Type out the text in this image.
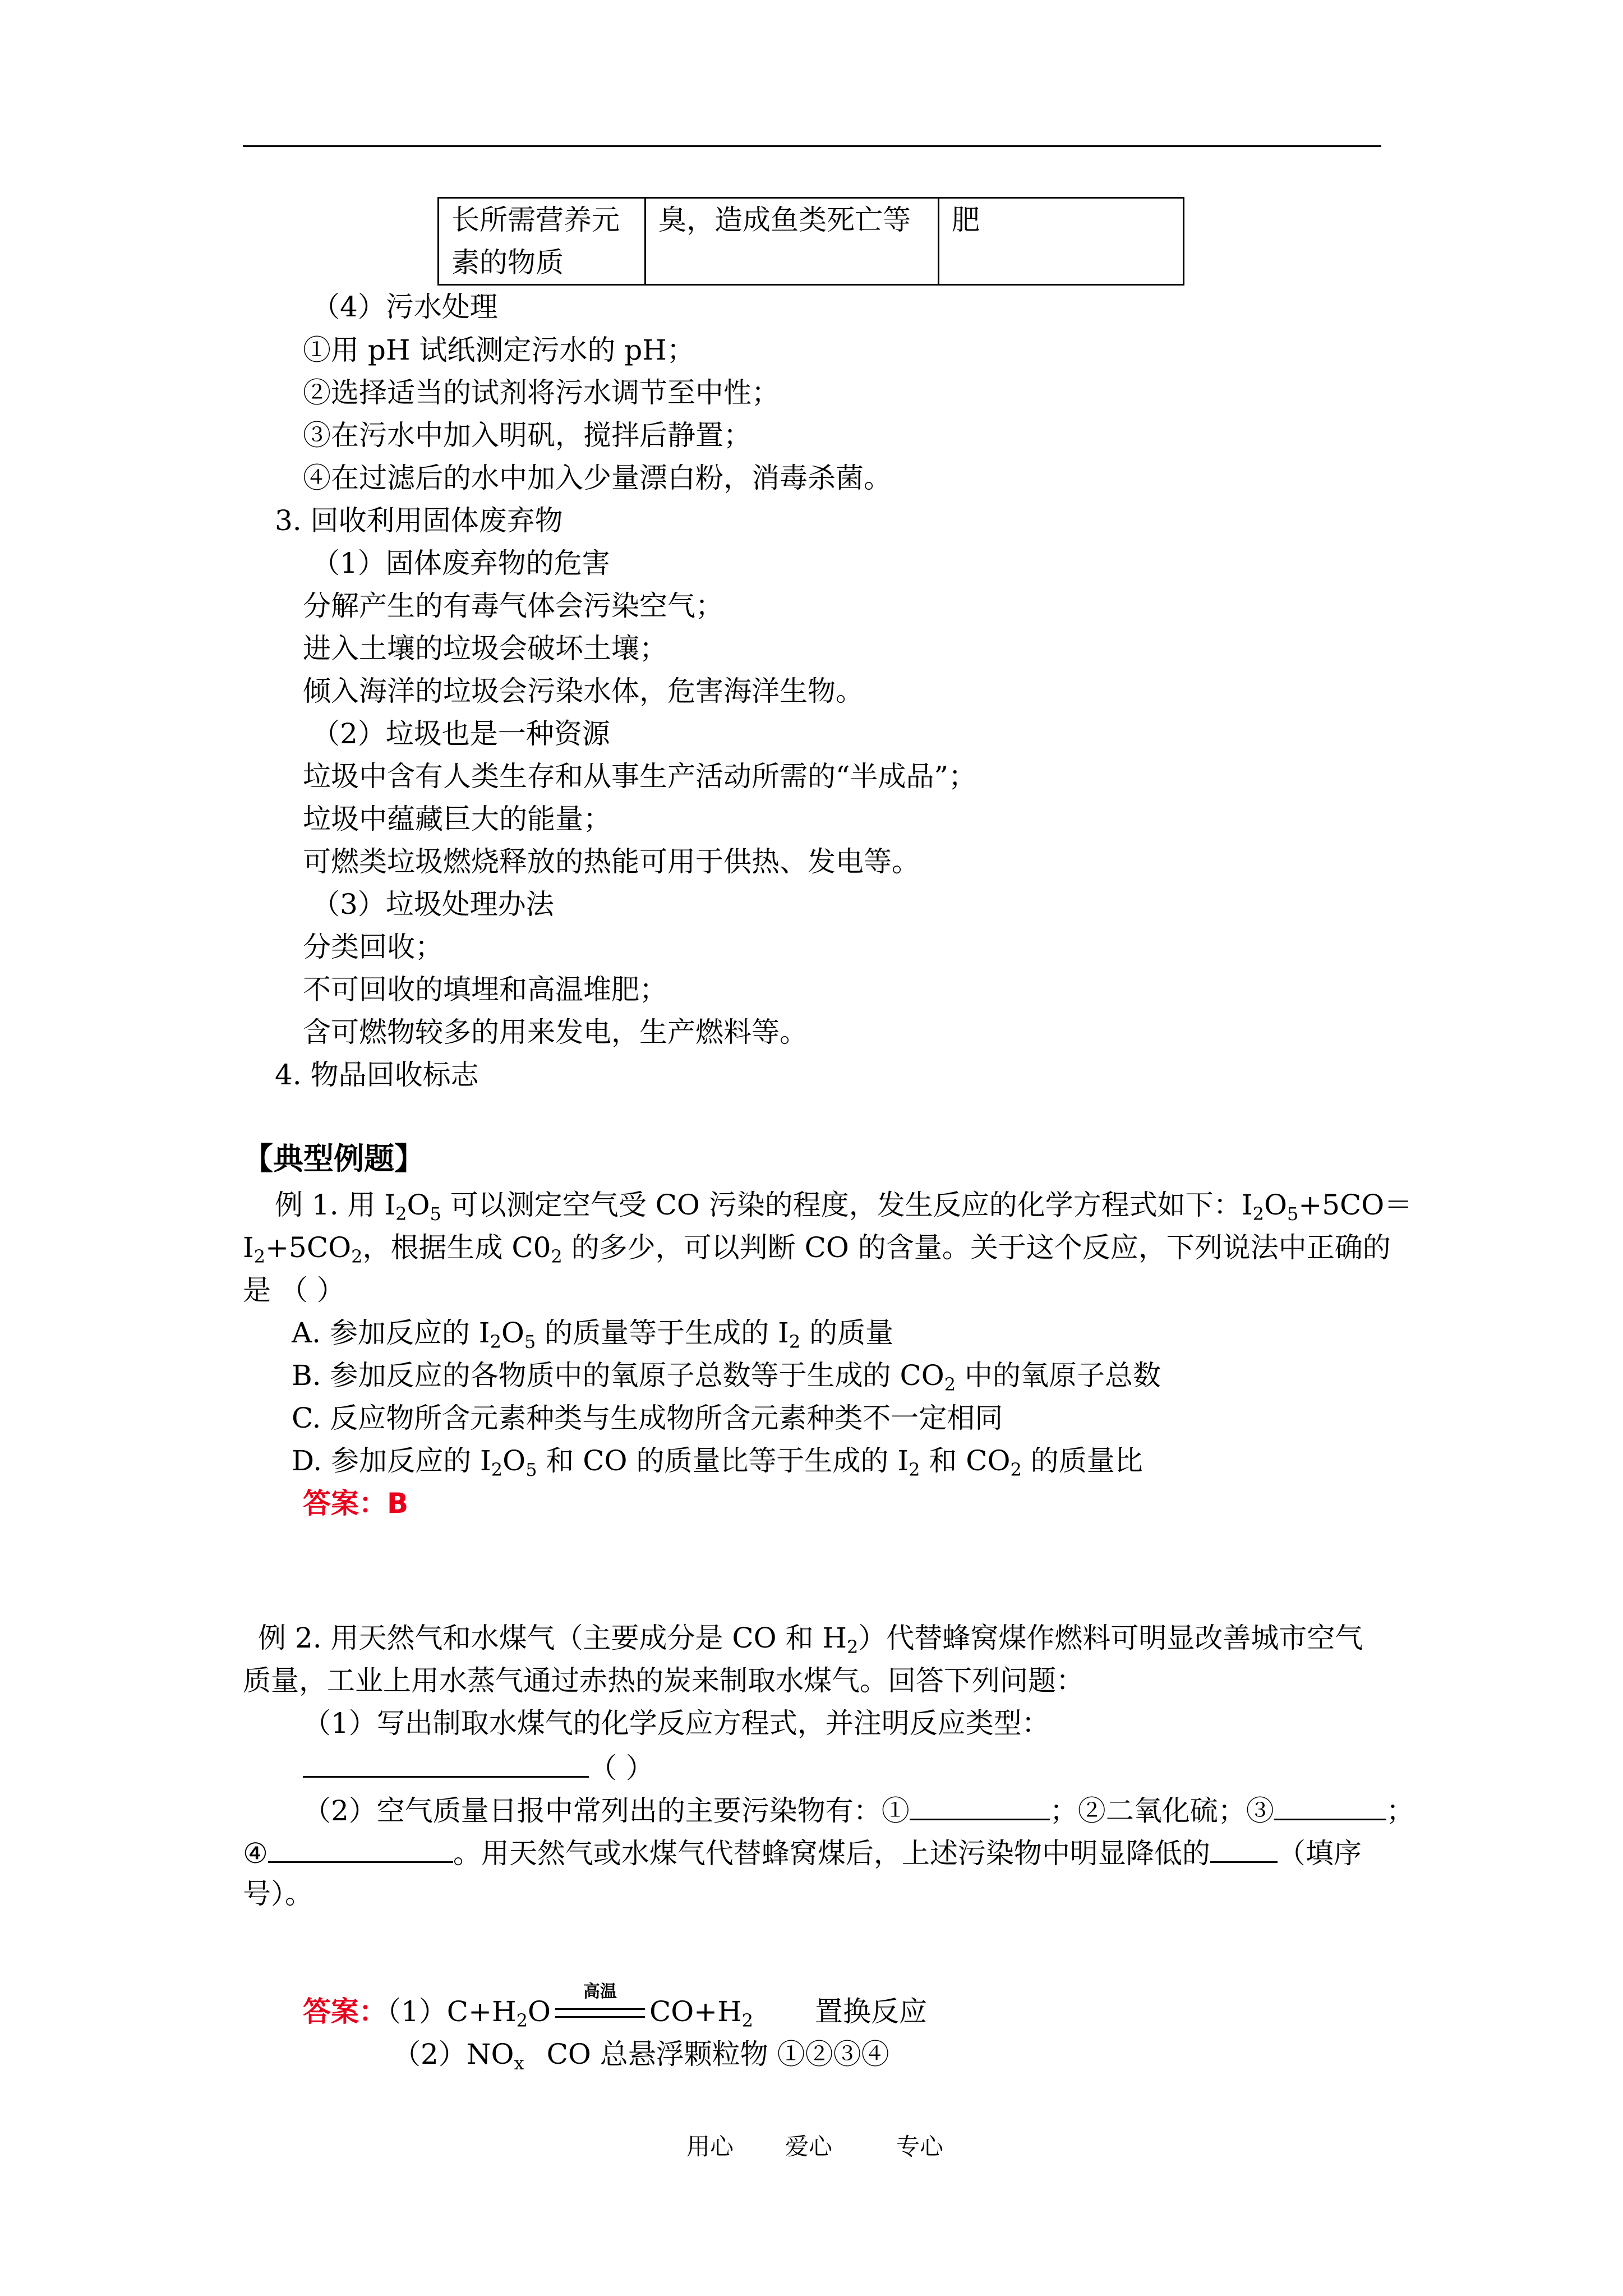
长所需营养元素的物质	臭，造成鱼类死亡等	肥
（4）污水处理
①用 pH 试纸测定污水的 pH；
②选择适当的试剂将污水调节至中性；
③在污水中加入明矾，搅拌后静置；
④在过滤后的水中加入少量漂白粉，消毒杀菌。
3. 回收利用固体废弃物
（1）固体废弃物的危害
分解产生的有毒气体会污染空气；
进入土壤的垃圾会破坏土壤；
倾入海洋的垃圾会污染水体，危害海洋生物。
（2）垃圾也是一种资源
垃圾中含有人类生存和从事生产活动所需的“半成品”；
垃圾中蕴藏巨大的能量；
可燃类垃圾燃烧释放的热能可用于供热、发电等。
（3）垃圾处理办法
分类回收；
不可回收的填埋和高温堆肥；
含可燃物较多的用来发电，生产燃料等。
4. 物品回收标志
【典型例题】
例 1. 用 $I_2O_5$ 可以测定空气受 CO 污染的程度，发生反应的化学方程式如下：$I_2O_5+5CO=$
$I_2+5CO_2$，根据生成 $C0_2$ 的多少，可以判断 CO 的含量。关于这个反应，下列说法中正确的
是 （ ）
A. 参加反应的 $I_2O_5$ 的质量等于生成的 $I_2$ 的质量
B. 参加反应的各物质中的氧原子总数等于生成的 $CO_2$ 中的氧原子总数
C. 反应物所含元素种类与生成物所含元素种类不一定相同
D. 参加反应的 $I_2O_5$ 和 CO 的质量比等于生成的 $I_2$ 和 $CO_2$ 的质量比
答案：B
例 2. 用天然气和水煤气（主要成分是 CO 和 $H_2$）代替蜂窝煤作燃料可明显改善城市空气
质量，工业上用水蒸气通过赤热的炭来制取水煤气。回答下列问题：
（1）写出制取水煤气的化学反应方程式，并注明反应类型：
（ ）
（2）空气质量日报中常列出的主要污染物有：①	；②二氧化硫；③	；
④	。用天然气或水煤气代替蜂窝煤后，上述污染物中明显降低的 （填序
号）。
答案：$(1)C+H_2O$
高温
$CO+H_2$ 置换反应
$(2)NO_x$ CO 总悬浮颗粒物 ①②③④
用心 爱心	专心
